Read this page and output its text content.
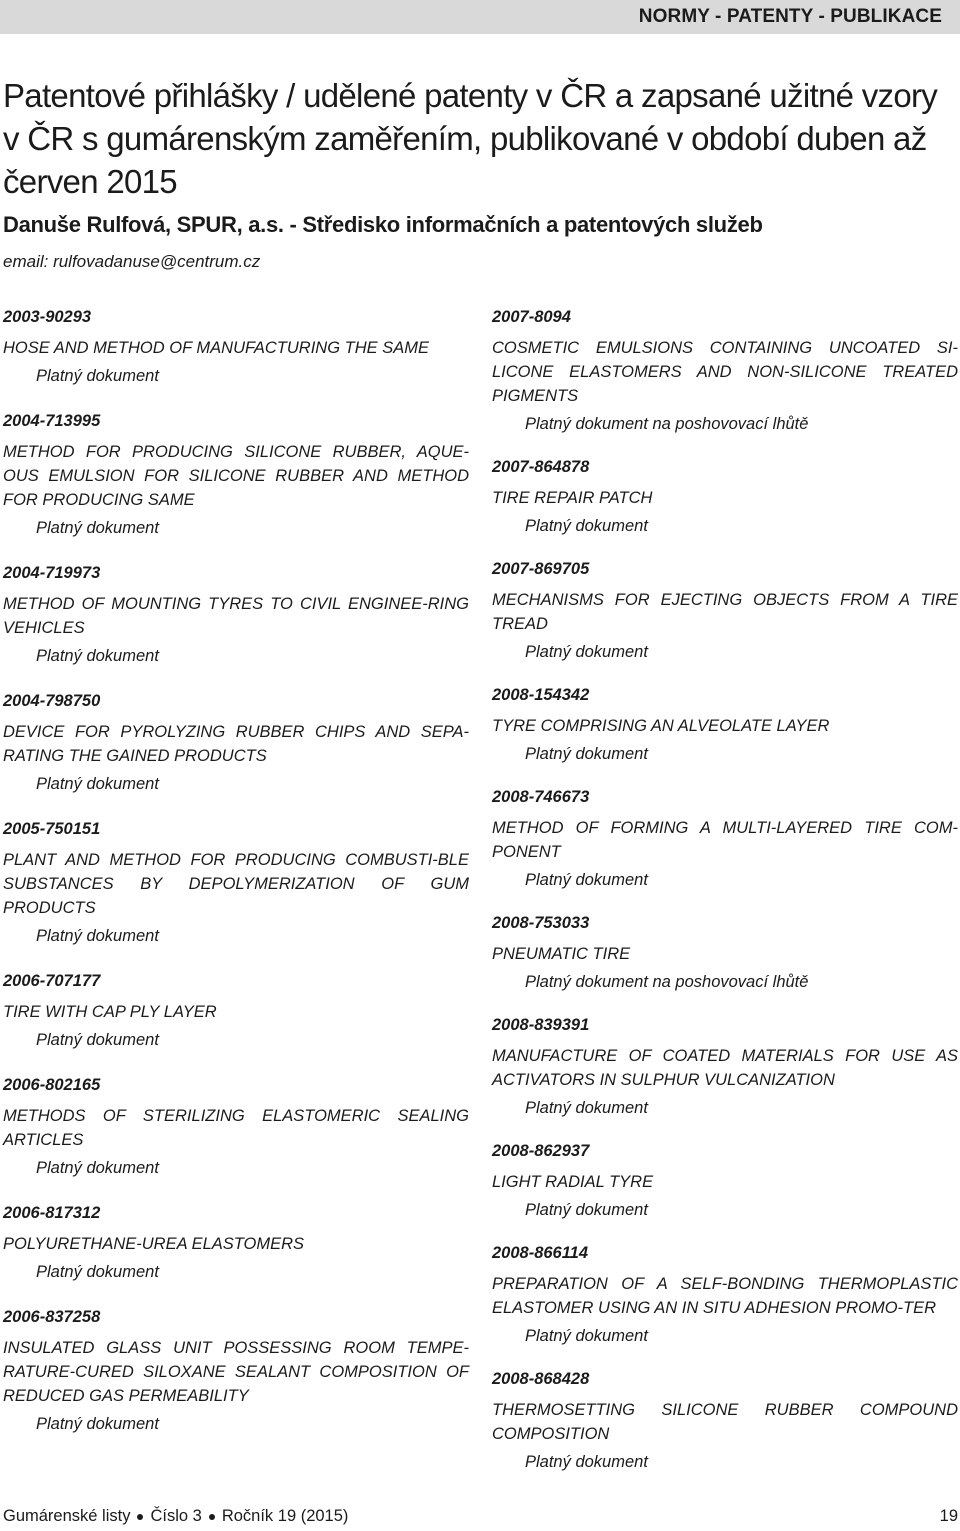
NORMY - PATENTY - PUBLIKACE
Patentové přihlášky / udělené patenty v ČR a zapsané užitné vzory v ČR s gumárenským zaměřením, publikované v období duben až červen 2015

Danuše Rulfová, SPUR, a.s. - Středisko informačních a patentových služeb

email: rulfovadanuse@centrum.cz

2003-90293
HOSE AND METHOD OF MANUFACTURING THE SAME
Platný dokument
2004-713995
METHOD FOR PRODUCING SILICONE RUBBER, AQUE-OUS EMULSION FOR SILICONE RUBBER AND METHOD FOR PRODUCING SAME
Platný dokument
2004-719973
METHOD OF MOUNTING TYRES TO CIVIL ENGINEE-RING VEHICLES
Platný dokument
2004-798750
DEVICE FOR PYROLYZING RUBBER CHIPS AND SEPA-RATING THE GAINED PRODUCTS
Platný dokument
2005-750151
PLANT AND METHOD FOR PRODUCING COMBUSTI-BLE SUBSTANCES BY DEPOLYMERIZATION OF GUM PRODUCTS
Platný dokument
2006-707177
TIRE WITH CAP PLY LAYER
Platný dokument
2006-802165
METHODS OF STERILIZING ELASTOMERIC SEALING ARTICLES
Platný dokument
2006-817312
POLYURETHANE-UREA ELASTOMERS
Platný dokument
2006-837258
INSULATED GLASS UNIT POSSESSING ROOM TEMPE-RATURE-CURED SILOXANE SEALANT COMPOSITION OF REDUCED GAS PERMEABILITY
Platný dokument
2007-8094
COSMETIC EMULSIONS CONTAINING UNCOATED SI-LICONE ELASTOMERS AND NON-SILICONE TREATED PIGMENTS
Platný dokument na poshovovací lhůtě
2007-864878
TIRE REPAIR PATCH
Platný dokument
2007-869705
MECHANISMS FOR EJECTING OBJECTS FROM A TIRE TREAD
Platný dokument
2008-154342
TYRE COMPRISING AN ALVEOLATE LAYER
Platný dokument
2008-746673
METHOD OF FORMING A MULTI-LAYERED TIRE COM-PONENT
Platný dokument
2008-753033
PNEUMATIC TIRE
Platný dokument na poshovovací lhůtě
2008-839391
MANUFACTURE OF COATED MATERIALS FOR USE AS ACTIVATORS IN SULPHUR VULCANIZATION
Platný dokument
2008-862937
LIGHT RADIAL TYRE
Platný dokument
2008-866114
PREPARATION OF A SELF-BONDING THERMOPLASTIC ELASTOMER USING AN IN SITU ADHESION PROMO-TER
Platný dokument
2008-868428
THERMOSETTING SILICONE RUBBER COMPOUND COMPOSITION
Platný dokument
Gumárenské listy Číslo 3 Ročník 19 (2015)	19
